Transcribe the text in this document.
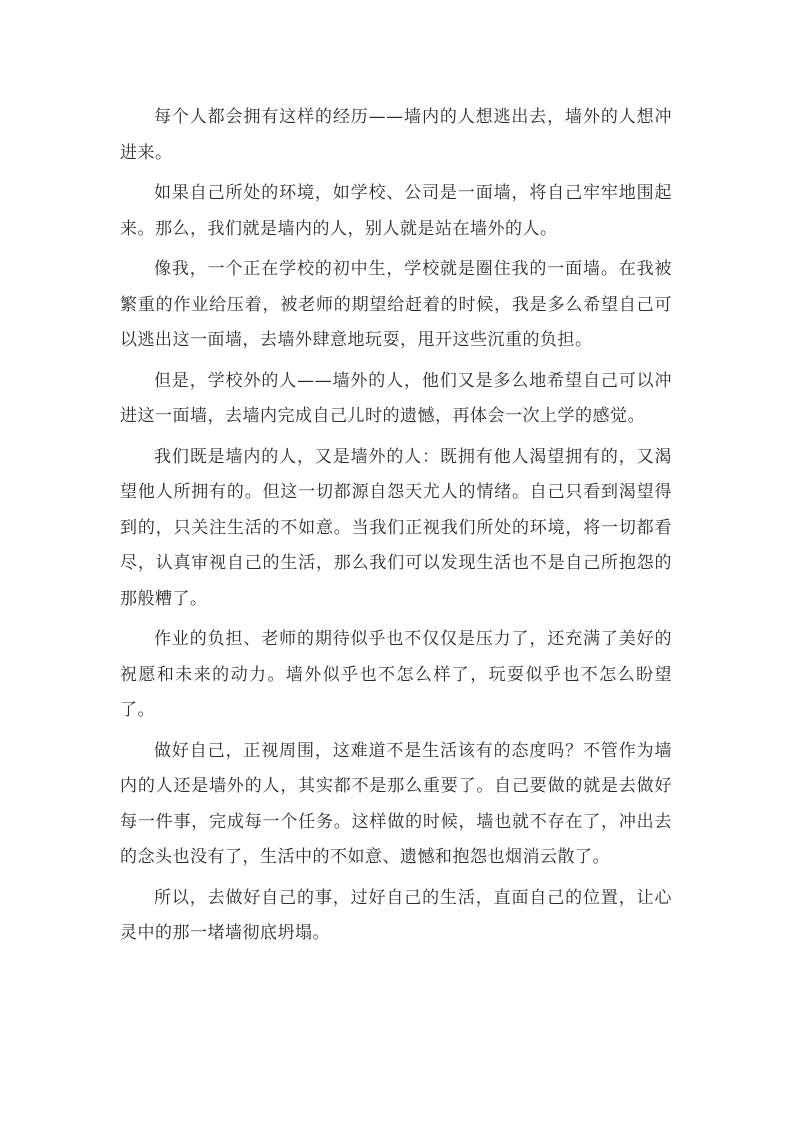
每个人都会拥有这样的经历——墙内的人想逃出去，墙外的人想冲进来。

如果自己所处的环境，如学校、公司是一面墙，将自己牢牢地围起来。那么，我们就是墙内的人，别人就是站在墙外的人。

像我，一个正在学校的初中生，学校就是圈住我的一面墙。在我被繁重的作业给压着，被老师的期望给赶着的时候，我是多么希望自己可以逃出这一面墙，去墙外肆意地玩耍，甩开这些沉重的负担。

但是，学校外的人——墙外的人，他们又是多么地希望自己可以冲进这一面墙，去墙内完成自己儿时的遗憾，再体会一次上学的感觉。

我们既是墙内的人，又是墙外的人：既拥有他人渴望拥有的，又渴望他人所拥有的。但这一切都源自怨天尤人的情绪。自己只看到渴望得到的，只关注生活的不如意。当我们正视我们所处的环境，将一切都看尽，认真审视自己的生活，那么我们可以发现生活也不是自己所抱怨的那般糟了。

作业的负担、老师的期待似乎也不仅仅是压力了，还充满了美好的祝愿和未来的动力。墙外似乎也不怎么样了，玩耍似乎也不怎么盼望了。

做好自己，正视周围，这难道不是生活该有的态度吗？不管作为墙内的人还是墙外的人，其实都不是那么重要了。自己要做的就是去做好每一件事，完成每一个任务。这样做的时候，墙也就不存在了，冲出去的念头也没有了，生活中的不如意、遗憾和抱怨也烟消云散了。

所以，去做好自己的事，过好自己的生活，直面自己的位置，让心灵中的那一堵墙彻底坍塌。
